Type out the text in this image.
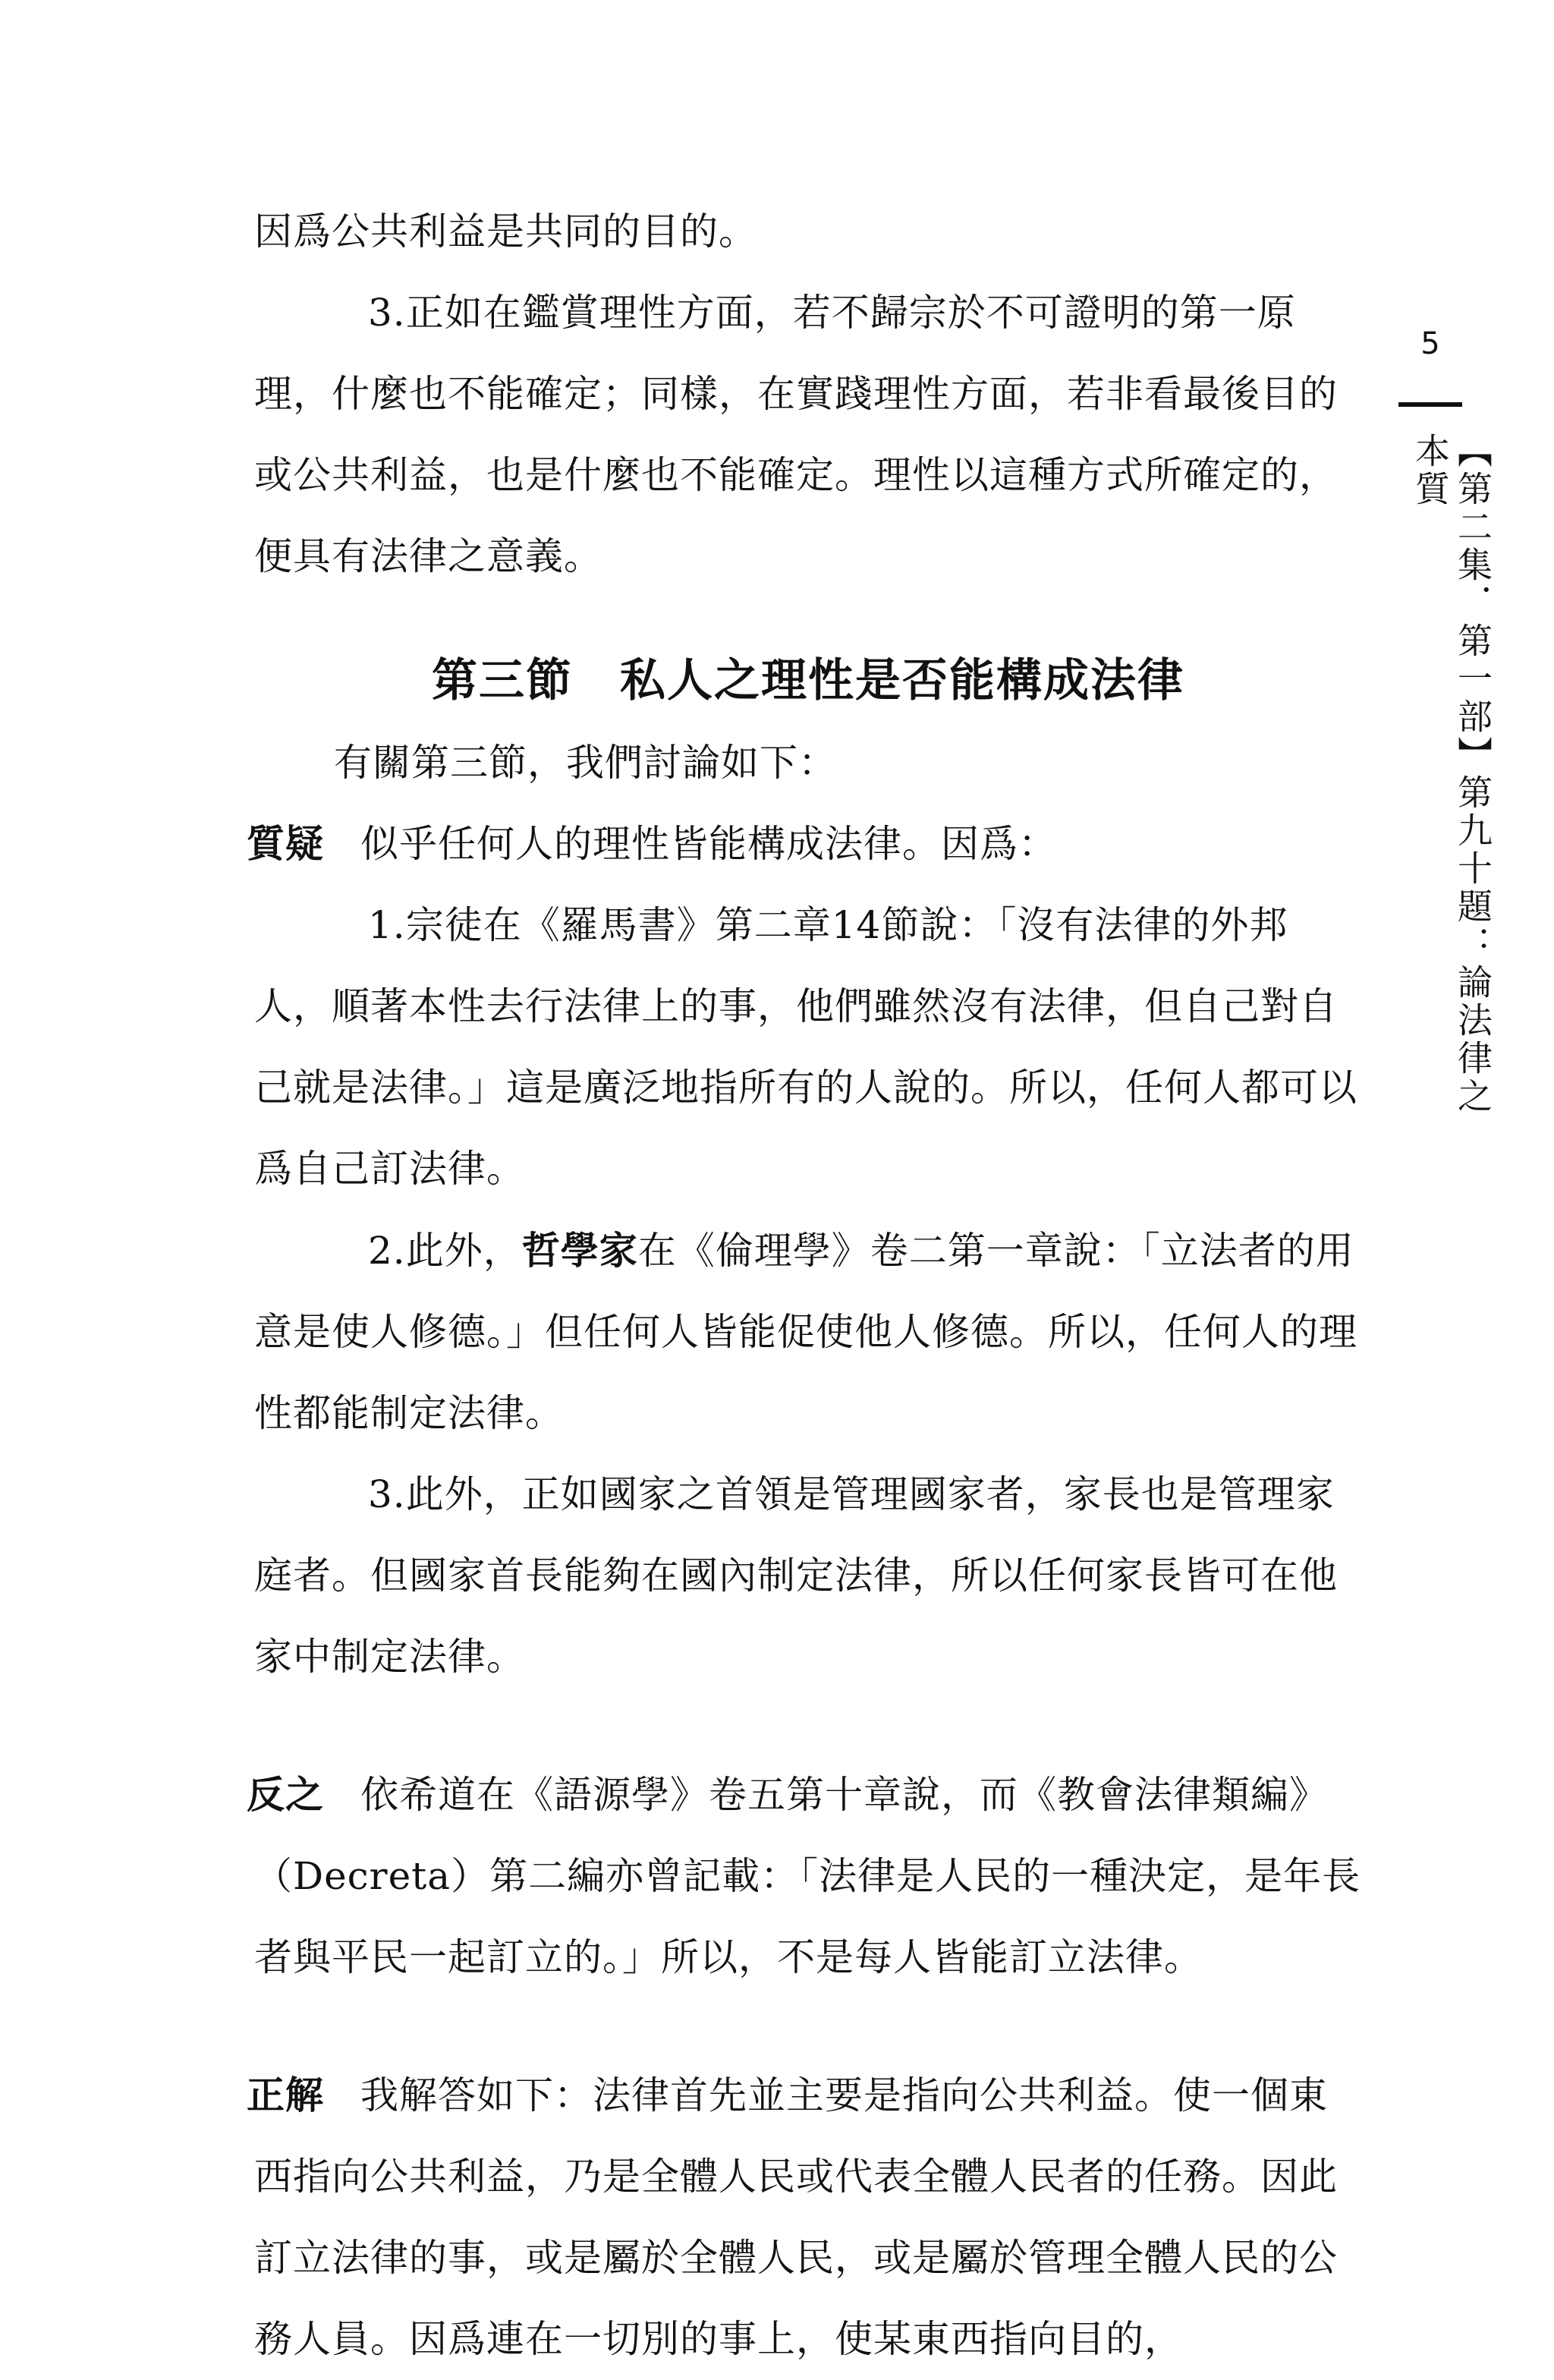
因爲公共利益是共同的目的。

3.正如在鑑賞理性方面，若不歸宗於不可證明的第一原理，什麼也不能確定；同樣，在實踐理性方面，若非看最後目的或公共利益，也是什麼也不能確定。理性以這種方式所確定的，便具有法律之意義。

第三節　私人之理性是否能構成法律

有關第三節，我們討論如下：

質疑 似乎任何人的理性皆能構成法律。因爲：

1.宗徒在《羅馬書》第二章14節說：「沒有法律的外邦人，順著本性去行法律上的事，他們雖然沒有法律，但自己對自己就是法律。」這是廣泛地指所有的人說的。所以，任何人都可以爲自己訂法律。

2.此外，哲學家在《倫理學》卷二第一章說：「立法者的用意是使人修德。」但任何人皆能促使他人修德。所以，任何人的理性都能制定法律。

3.此外，正如國家之首領是管理國家者，家長也是管理家庭者。但國家首長能夠在國內制定法律，所以任何家長皆可在他家中制定法律。

反之 依希道在《語源學》卷五第十章說，而《教會法律類編》（Decreta）第二編亦曾記載：「法律是人民的一種決定，是年長者與平民一起訂立的。」所以，不是每人皆能訂立法律。

正解 我解答如下：法律首先並主要是指向公共利益。使一個東西指向公共利益，乃是全體人民或代表全體人民者的任務。因此訂立法律的事，或是屬於全體人民，或是屬於管理全體人民的公務人員。因爲連在一切別的事上，使某東西指向目的，

5
【第二集．第一部】第九十題：論法律之本質
